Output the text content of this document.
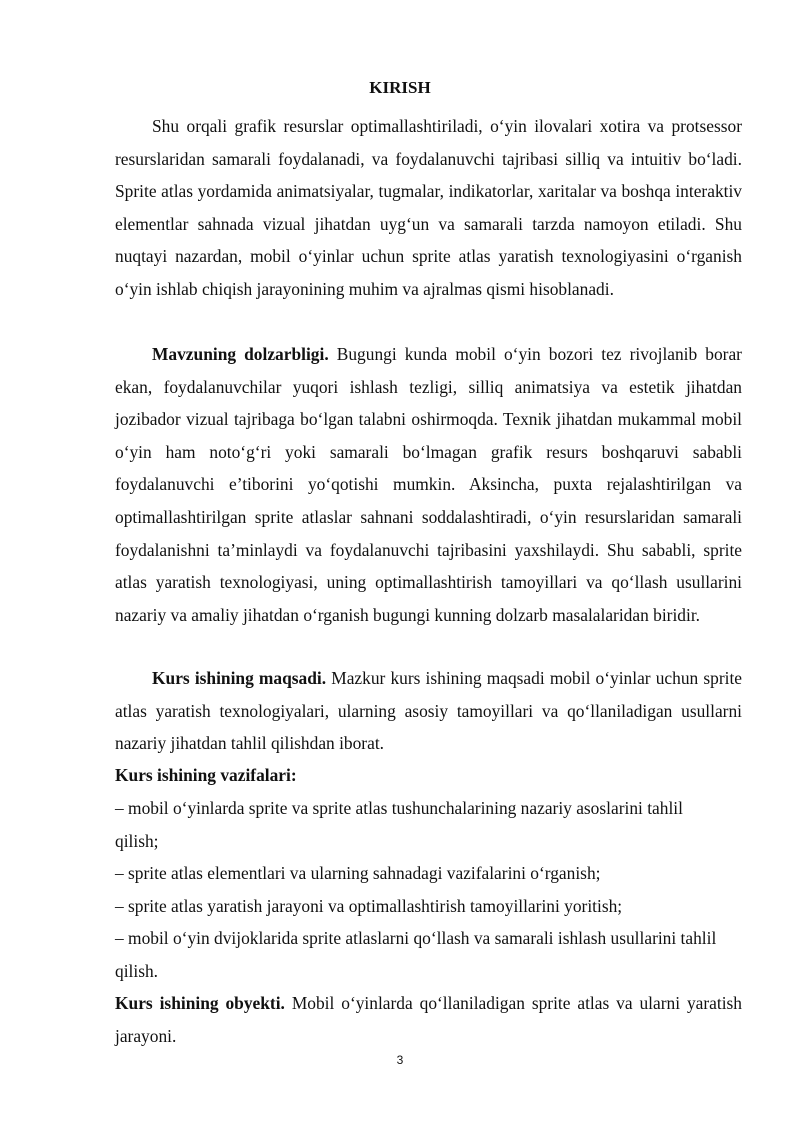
KIRISH

Shu orqali grafik resurslar optimallashtiriladi, o‘yin ilovalari xotira va protsessor resurslaridan samarali foydalanadi, va foydalanuvchi tajribasi silliq va intuitiv bo‘ladi. Sprite atlas yordamida animatsiyalar, tugmalar, indikatorlar, xaritalar va boshqa interaktiv elementlar sahnada vizual jihatdan uyg‘un va samarali tarzda namoyon etiladi. Shu nuqtayi nazardan, mobil o‘yinlar uchun sprite atlas yaratish texnologiyasini o‘rganish o‘yin ishlab chiqish jarayonining muhim va ajralmas qismi hisoblanadi.

Mavzuning dolzarbligi. Bugungi kunda mobil o‘yin bozori tez rivojlanib borar ekan, foydalanuvchilar yuqori ishlash tezligi, silliq animatsiya va estetik jihatdan jozibador vizual tajribaga bo‘lgan talabni oshirmoqda. Texnik jihatdan mukammal mobil o‘yin ham noto‘g‘ri yoki samarali bo‘lmagan grafik resurs boshqaruvi sababli foydalanuvchi e’tiborini yo‘qotishi mumkin. Aksincha, puxta rejalashtirilgan va optimallashtirilgan sprite atlaslar sahnani soddalashtiradi, o‘yin resurslaridan samarali foydalanishni ta’minlaydi va foydalanuvchi tajribasini yaxshilaydi. Shu sababli, sprite atlas yaratish texnologiyasi, uning optimallashtirish tamoyillari va qo‘llash usullarini nazariy va amaliy jihatdan o‘rganish bugungi kunning dolzarb masalalaridan biridir.

Kurs ishining maqsadi. Mazkur kurs ishining maqsadi mobil o‘yinlar uchun sprite atlas yaratish texnologiyalari, ularning asosiy tamoyillari va qo‘llaniladigan usullarni nazariy jihatdan tahlil qilishdan iborat.

Kurs ishining vazifalari:

– mobil o‘yinlarda sprite va sprite atlas tushunchalarining nazariy asoslarini tahlil qilish;
– sprite atlas elementlari va ularning sahnadagi vazifalarini o‘rganish;
– sprite atlas yaratish jarayoni va optimallashtirish tamoyillarini yoritish;
– mobil o‘yin dvijoklarida sprite atlaslarni qo‘llash va samarali ishlash usullarini tahlil qilish.

Kurs ishining obyekti. Mobil o‘yinlarda qo‘llaniladigan sprite atlas va ularni yaratish jarayoni.

3
